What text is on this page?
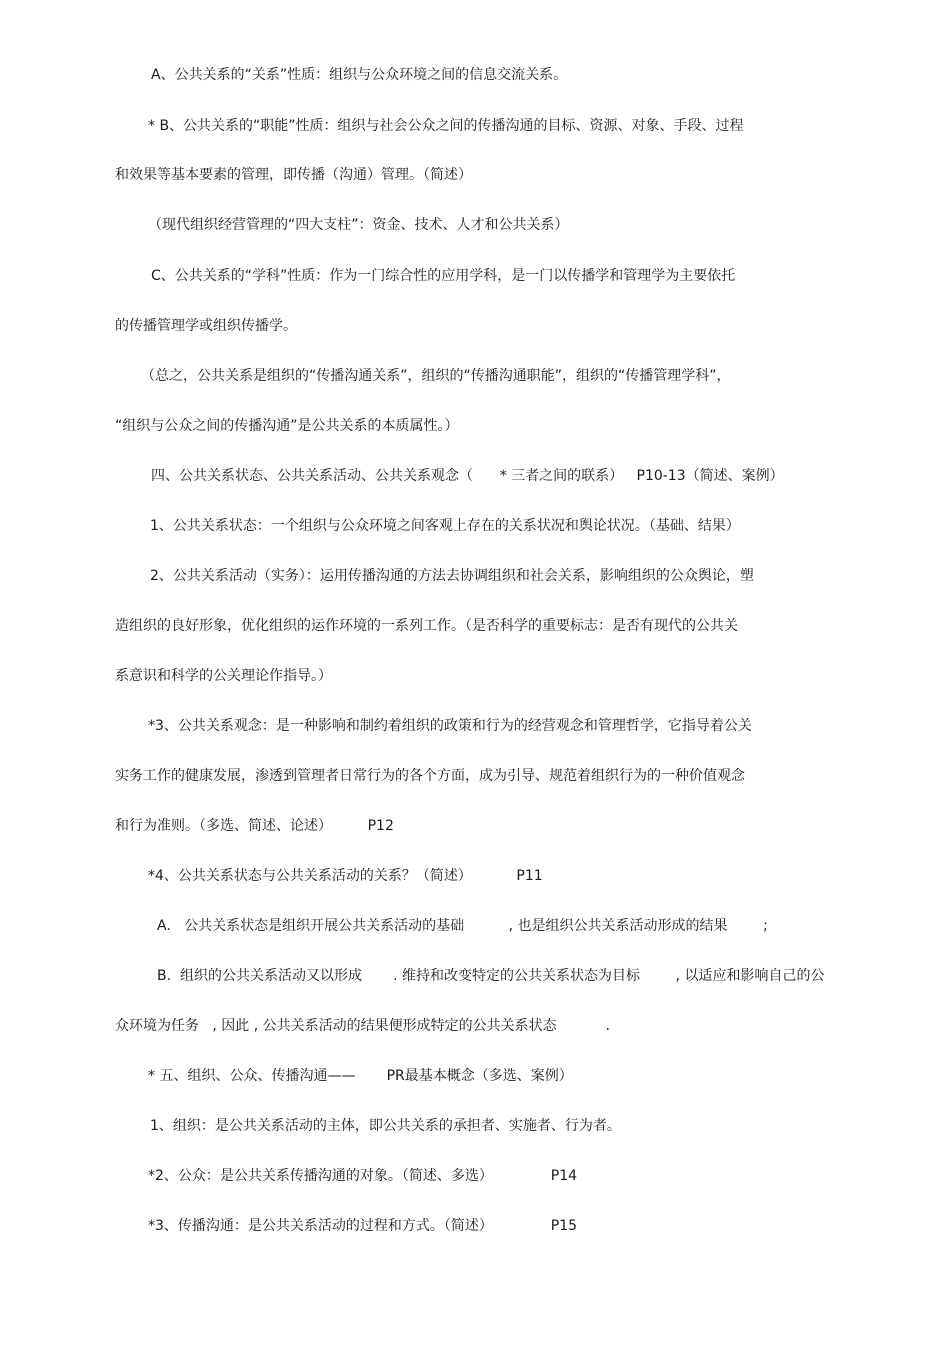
A、公共关系的“关系”性质：组织与公众环境之间的信息交流关系。
* B、公共关系的“职能”性质：组织与社会公众之间的传播沟通的目标、资源、对象、手段、过程
和效果等基本要素的管理，即传播（沟通）管理。（简述）
（现代组织经营管理的“四大支柱”：资金、技术、人才和公共关系）
C、公共关系的“学科”性质：作为一门综合性的应用学科，是一门以传播学和管理学为主要依托
的传播管理学或组织传播学。
（总之，公共关系是组织的“传播沟通关系”，组织的“传播沟通职能”，组织的“传播管理学科”，
“组织与公众之间的传播沟通”是公共关系的本质属性。）
四、公共关系状态、公共关系活动、公共关系观念（      * 三者之间的联系）   P10-13（简述、案例）
1、公共关系状态：一个组织与公众环境之间客观上存在的关系状况和舆论状况。（基础、结果）
2、公共关系活动（实务）：运用传播沟通的方法去协调组织和社会关系，影响组织的公众舆论，塑
造组织的良好形象，优化组织的运作环境的一系列工作。（是否科学的重要标志：是否有现代的公共关
系意识和科学的公关理论作指导。）
*3、公共关系观念：是一种影响和制约着组织的政策和行为的经营观念和管理哲学，它指导着公关
实务工作的健康发展，渗透到管理者日常行为的各个方面，成为引导、规范着组织行为的一种价值观念
和行为准则。（多选、简述、论述）        P12
*4、公共关系状态与公共关系活动的关系？（简述）          P11
A.   公共关系状态是组织开展公共关系活动的基础          , 也是组织公共关系活动形成的结果        ;
B.  组织的公共关系活动又以形成       . 维持和改变特定的公共关系状态为目标        , 以适应和影响自己的公
众环境为任务   , 因此 , 公共关系活动的结果便形成特定的公共关系状态           .
* 五、组织、公众、传播沟通——       PR最基本概念（多选、案例）
1、组织：是公共关系活动的主体，即公共关系的承担者、实施者、行为者。
*2、公众：是公共关系传播沟通的对象。（简述、多选）             P14
*3、传播沟通：是公共关系活动的过程和方式。（简述）             P15
